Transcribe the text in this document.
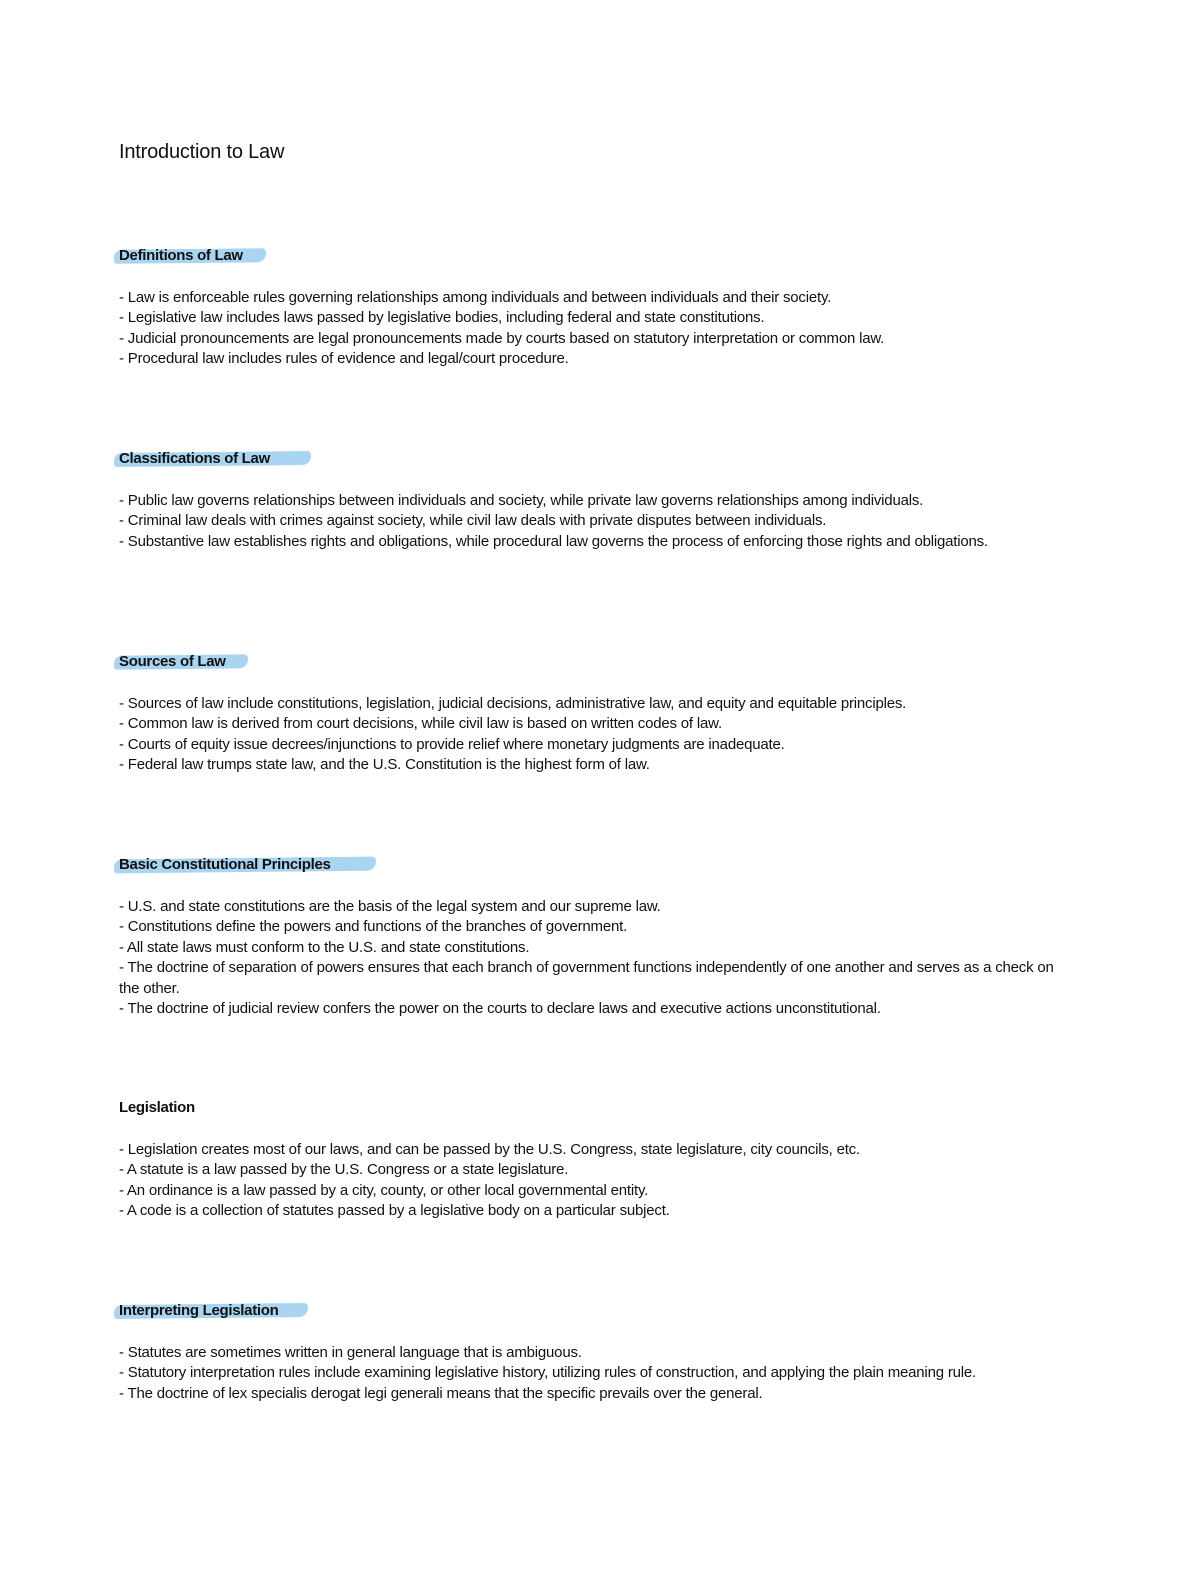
Introduction to Law
Definitions of Law
- Law is enforceable rules governing relationships among individuals and between individuals and their society.
- Legislative law includes laws passed by legislative bodies, including federal and state constitutions.
- Judicial pronouncements are legal pronouncements made by courts based on statutory interpretation or common law.
- Procedural law includes rules of evidence and legal/court procedure.
Classifications of Law
- Public law governs relationships between individuals and society, while private law governs relationships among individuals.
- Criminal law deals with crimes against society, while civil law deals with private disputes between individuals.
- Substantive law establishes rights and obligations, while procedural law governs the process of enforcing those rights and obligations.
Sources of Law
- Sources of law include constitutions, legislation, judicial decisions, administrative law, and equity and equitable principles.
- Common law is derived from court decisions, while civil law is based on written codes of law.
- Courts of equity issue decrees/injunctions to provide relief where monetary judgments are inadequate.
- Federal law trumps state law, and the U.S. Constitution is the highest form of law.
Basic Constitutional Principles
- U.S. and state constitutions are the basis of the legal system and our supreme law.
- Constitutions define the powers and functions of the branches of government.
- All state laws must conform to the U.S. and state constitutions.
- The doctrine of separation of powers ensures that each branch of government functions independently of one another and serves as a check on the other.
- The doctrine of judicial review confers the power on the courts to declare laws and executive actions unconstitutional.
Legislation
- Legislation creates most of our laws, and can be passed by the U.S. Congress, state legislature, city councils, etc.
- A statute is a law passed by the U.S. Congress or a state legislature.
- An ordinance is a law passed by a city, county, or other local governmental entity.
- A code is a collection of statutes passed by a legislative body on a particular subject.
Interpreting Legislation
- Statutes are sometimes written in general language that is ambiguous.
- Statutory interpretation rules include examining legislative history, utilizing rules of construction, and applying the plain meaning rule.
- The doctrine of lex specialis derogat legi generali means that the specific prevails over the general.
